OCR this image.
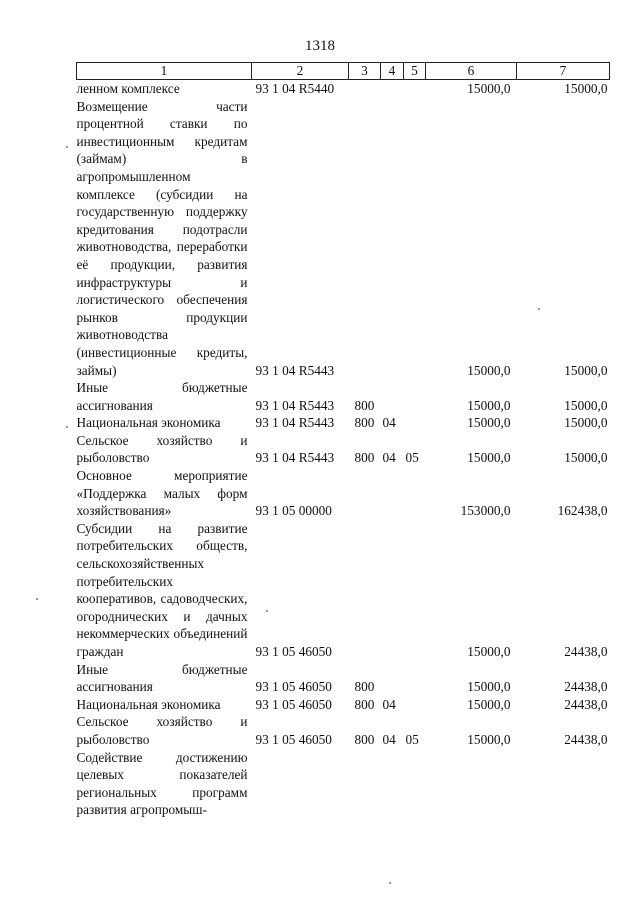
1318
1	2	3	4	5	6	7
ленном комплексе	93 1 04 R5440				15000,0	15000,0
Возмещение части процентной ставки по инвестиционным кредитам (займам) в агропромышленном комплексе (субсидии на государственную поддержку кредитования подотрасли животноводства, переработки её продукции, развития инфраструктуры и логистического обеспечения рынков продукции животноводства (инвестиционные кредиты, займы)	93 1 04 R5443				15000,0	15000,0
Иные бюджетные ассигнования	93 1 04 R5443	800			15000,0	15000,0
Национальная экономика	93 1 04 R5443	800	04		15000,0	15000,0
Сельское хозяйство и рыболовство	93 1 04 R5443	800	04	05	15000,0	15000,0
Основное мероприятие «Поддержка малых форм хозяйствования»	93 1 05 00000				153000,0	162438,0
Субсидии на развитие потребительских обществ, сельскохозяйственных потребительских кооперативов, садоводческих, огороднических и дачных некоммерческих объединений граждан	93 1 05 46050				15000,0	24438,0
Иные бюджетные ассигнования	93 1 05 46050	800			15000,0	24438,0
Национальная экономика	93 1 05 46050	800	04		15000,0	24438,0
Сельское хозяйство и рыболовство	93 1 05 46050	800	04	05	15000,0	24438,0
Содействие достижению целевых показателей региональных программ развития агропромыш-						
